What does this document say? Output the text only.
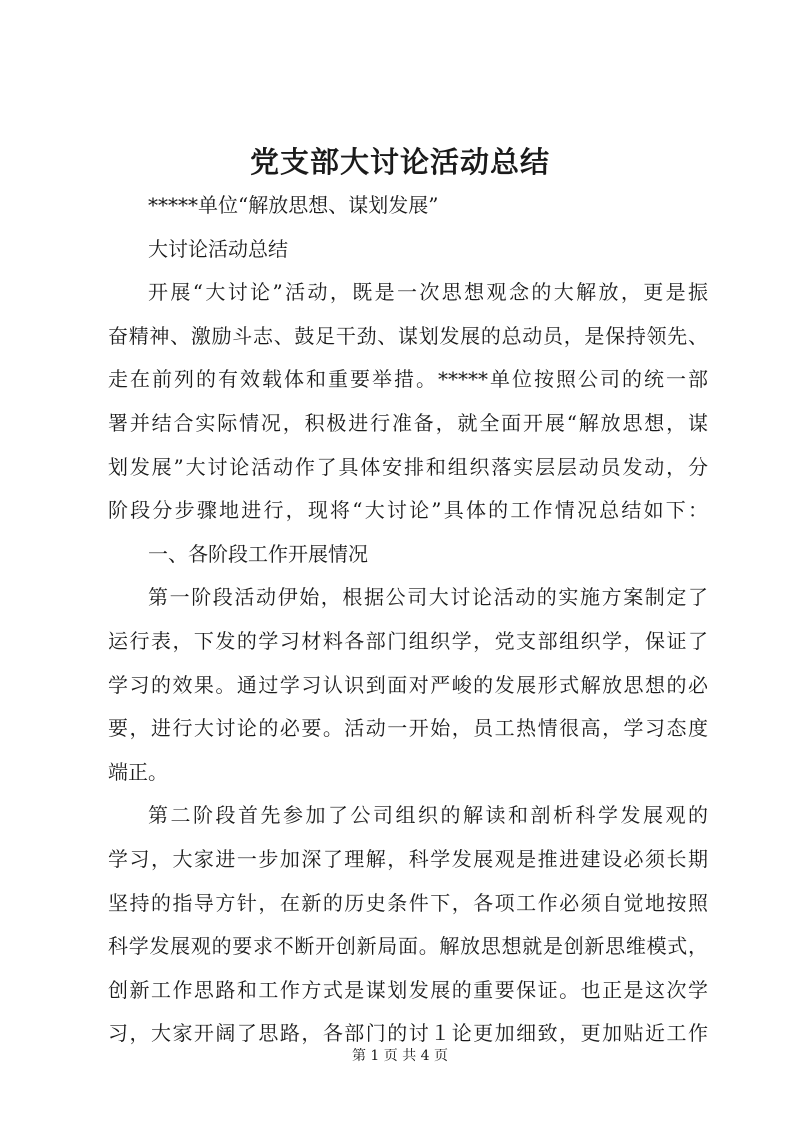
党支部大讨论活动总结
*****单位“解放思想、谋划发展”
大讨论活动总结
开展“大讨论”活动，既是一次思想观念的大解放，更是振
奋精神、激励斗志、鼓足干劲、谋划发展的总动员，是保持领先、
走在前列的有效载体和重要举措。*****单位按照公司的统一部
署并结合实际情况，积极进行准备，就全面开展“解放思想，谋
划发展”大讨论活动作了具体安排和组织落实层层动员发动，分
阶段分步骤地进行，现将“大讨论”具体的工作情况总结如下：
一、各阶段工作开展情况
第一阶段活动伊始，根据公司大讨论活动的实施方案制定了
运行表，下发的学习材料各部门组织学，党支部组织学，保证了
学习的效果。通过学习认识到面对严峻的发展形式解放思想的必
要，进行大讨论的必要。活动一开始，员工热情很高，学习态度
端正。
第二阶段首先参加了公司组织的解读和剖析科学发展观的
学习，大家进一步加深了理解，科学发展观是推进建设必须长期
坚持的指导方针，在新的历史条件下，各项工作必须自觉地按照
科学发展观的要求不断开创新局面。解放思想就是创新思维模式，
创新工作思路和工作方式是谋划发展的重要保证。也正是这次学
习，大家开阔了思路，各部门的讨１论更加细致，更加贴近工作
第 1 页 共 4 页
